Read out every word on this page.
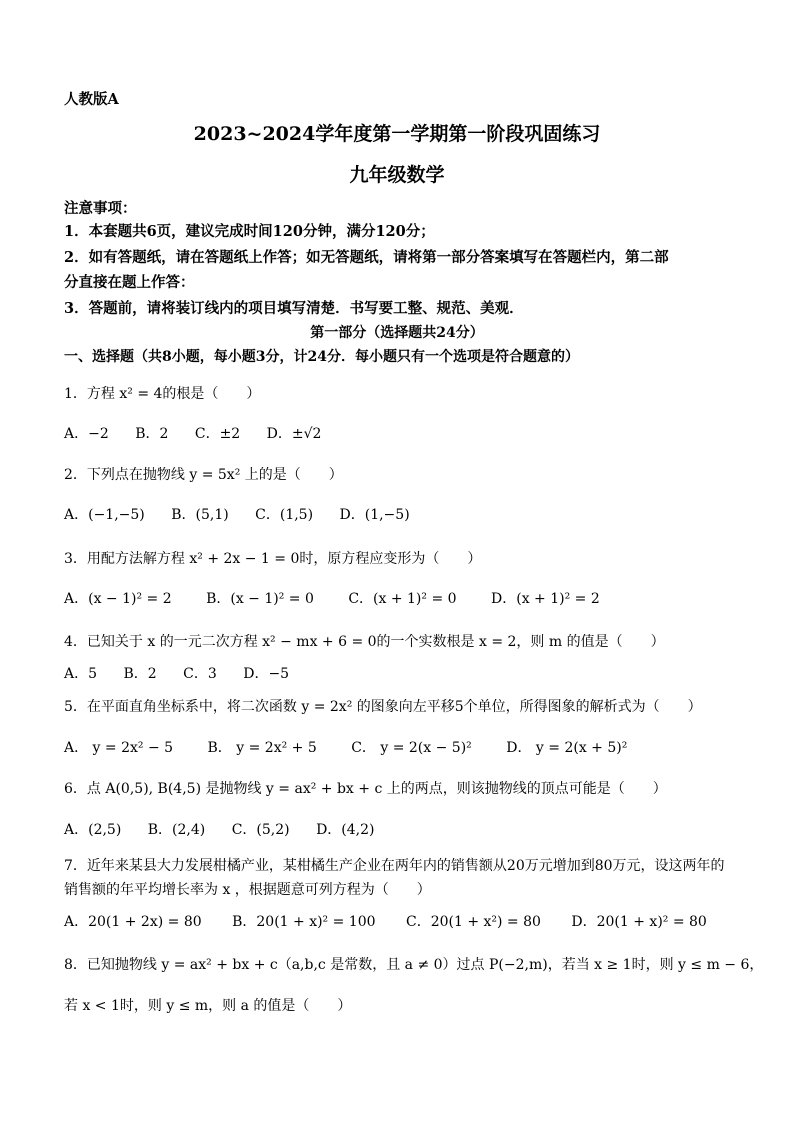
人教版A
2023~2024学年度第一学期第一阶段巩固练习
九年级数学
注意事项：
1．本套题共6页，建议完成时间120分钟，满分120分；
2．如有答题纸，请在答题纸上作答；如无答题纸，请将第一部分答案填写在答题栏内，第二部
分直接在题上作答：
3．答题前，请将装订线内的项目填写清楚．书写要工整、规范、美观．
第一部分（选择题共24分）
一、选择题（共8小题，每小题3分，计24分．每小题只有一个选项是符合题意的）
1．方程 x² = 4的根是（　　）
A．−2 B．2 C．±2 D．±√2
2．下列点在抛物线 y = 5x² 上的是（　　）
A．(−1,−5) B．(5,1) C．(1,5) D．(1,−5)
3．用配方法解方程 x² + 2x − 1 = 0时，原方程应变形为（　　）
A．(x − 1)² = 2 B．(x − 1)² = 0 C．(x + 1)² = 0 D．(x + 1)² = 2
4．已知关于 x 的一元二次方程 x² − mx + 6 = 0的一个实数根是 x = 2，则 m 的值是（　　）
A．5 B．2 C．3 D．−5
5．在平面直角坐标系中，将二次函数 y = 2x² 的图象向左平移5个单位，所得图象的解析式为（　　）
A． y = 2x² − 5 B． y = 2x² + 5 C． y = 2(x − 5)² D． y = 2(x + 5)²
6．点 A(0,5), B(4,5) 是抛物线 y = ax² + bx + c 上的两点，则该抛物线的顶点可能是（　　）
A．(2,5) B．(2,4) C．(5,2) D．(4,2)
7．近年来某县大力发展柑橘产业，某柑橘生产企业在两年内的销售额从20万元增加到80万元，设这两年的
销售额的年平均增长率为 x ，根据题意可列方程为（　　）
A．20(1 + 2x) = 80 B．20(1 + x)² = 100 C．20(1 + x²) = 80 D．20(1 + x)² = 80
8．已知抛物线 y = ax² + bx + c（a,b,c 是常数，且 a ≠ 0）过点 P(−2,m)，若当 x ≥ 1时，则 y ≤ m − 6，
若 x < 1时，则 y ≤ m，则 a 的值是（　　）
